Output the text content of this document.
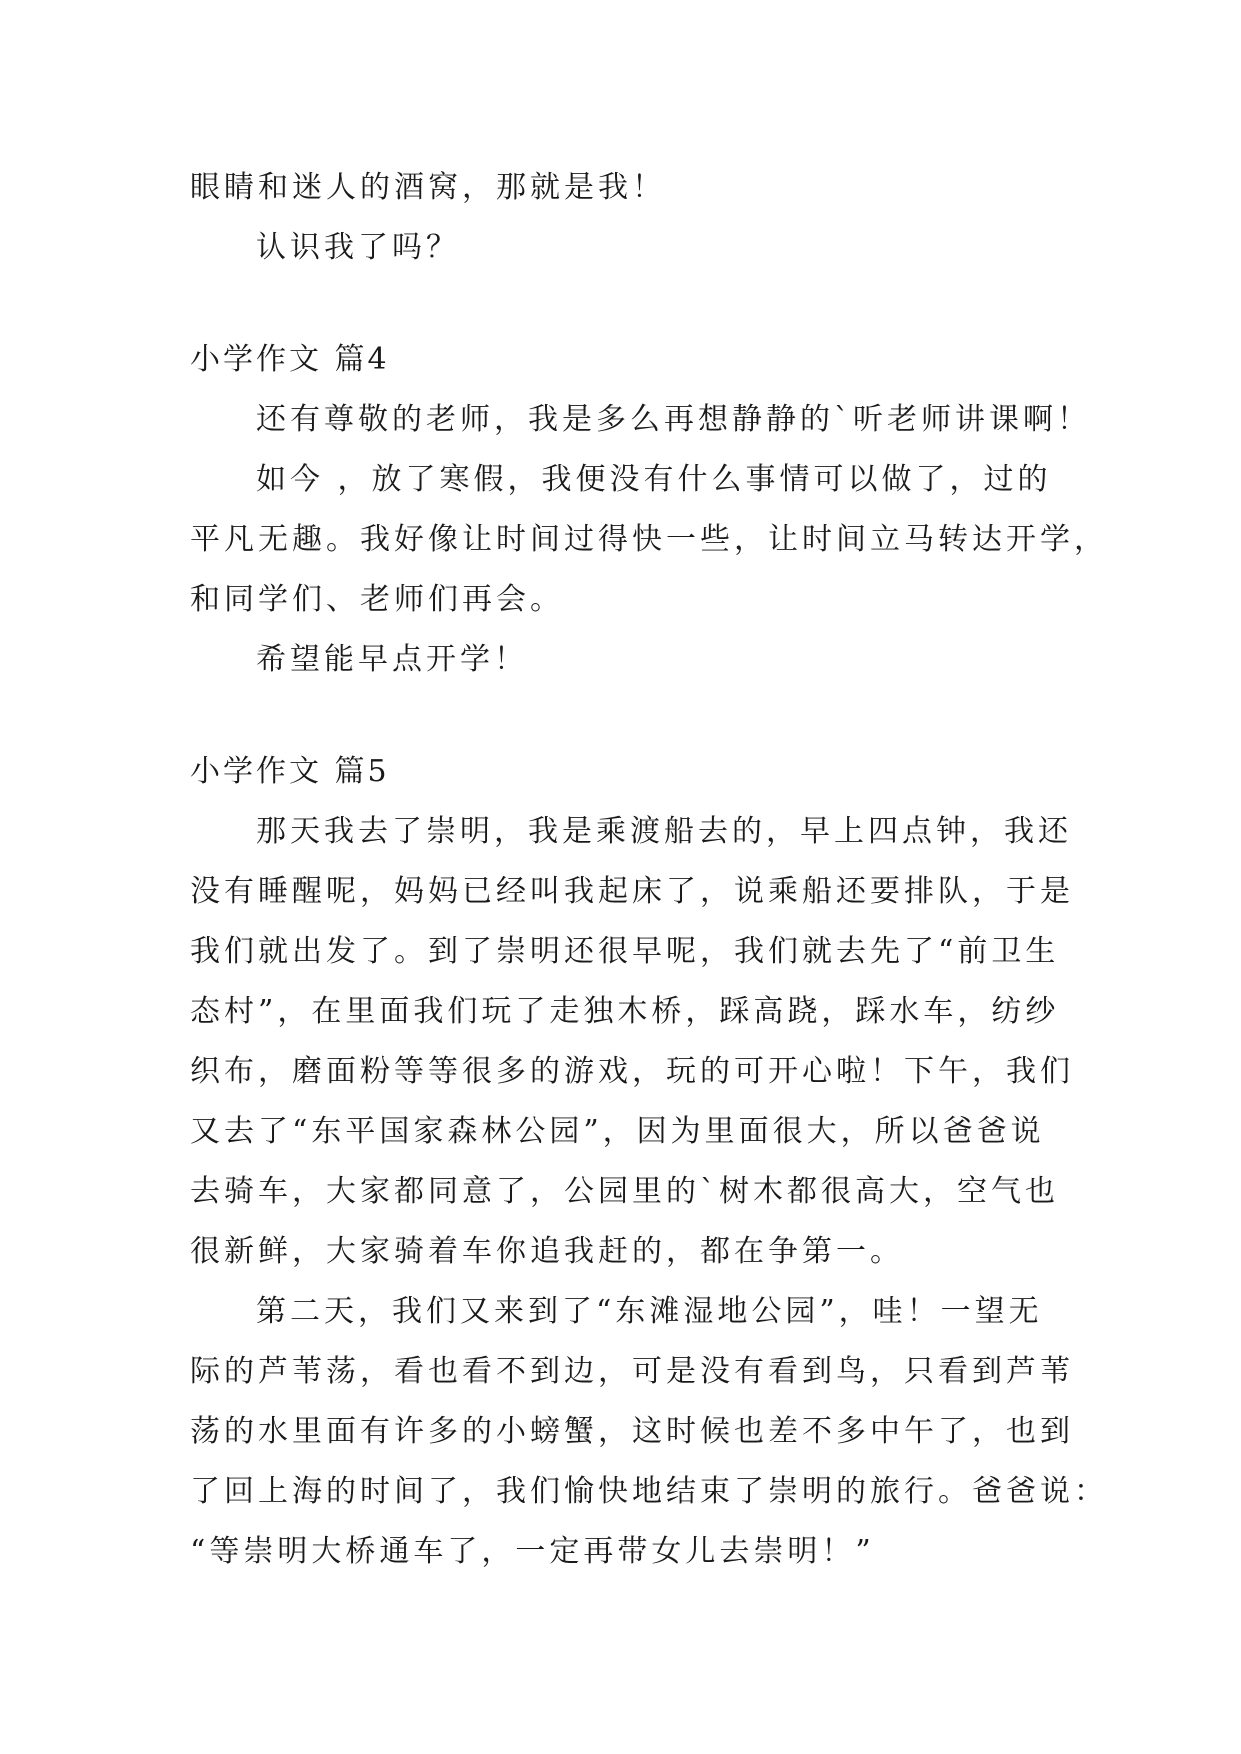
眼睛和迷人的酒窝，那就是我！
认识我了吗？
小学作文 篇4
还有尊敬的老师，我是多么再想静静的`听老师讲课啊！
如今 ，放了寒假，我便没有什么事情可以做了，过的
平凡无趣。我好像让时间过得快一些，让时间立马转达开学，
和同学们、老师们再会。
希望能早点开学！
小学作文 篇5
那天我去了崇明，我是乘渡船去的，早上四点钟，我还
没有睡醒呢，妈妈已经叫我起床了，说乘船还要排队，于是
我们就出发了。到了崇明还很早呢，我们就去先了“前卫生
态村”，在里面我们玩了走独木桥，踩高跷，踩水车，纺纱
织布，磨面粉等等很多的游戏，玩的可开心啦！下午，我们
又去了“东平国家森林公园”，因为里面很大，所以爸爸说
去骑车，大家都同意了，公园里的`树木都很高大，空气也
很新鲜，大家骑着车你追我赶的，都在争第一。
第二天，我们又来到了“东滩湿地公园”，哇！一望无
际的芦苇荡，看也看不到边，可是没有看到鸟，只看到芦苇
荡的水里面有许多的小螃蟹，这时候也差不多中午了，也到
了回上海的时间了，我们愉快地结束了崇明的旅行。爸爸说：
“等崇明大桥通车了，一定再带女儿去崇明！”
